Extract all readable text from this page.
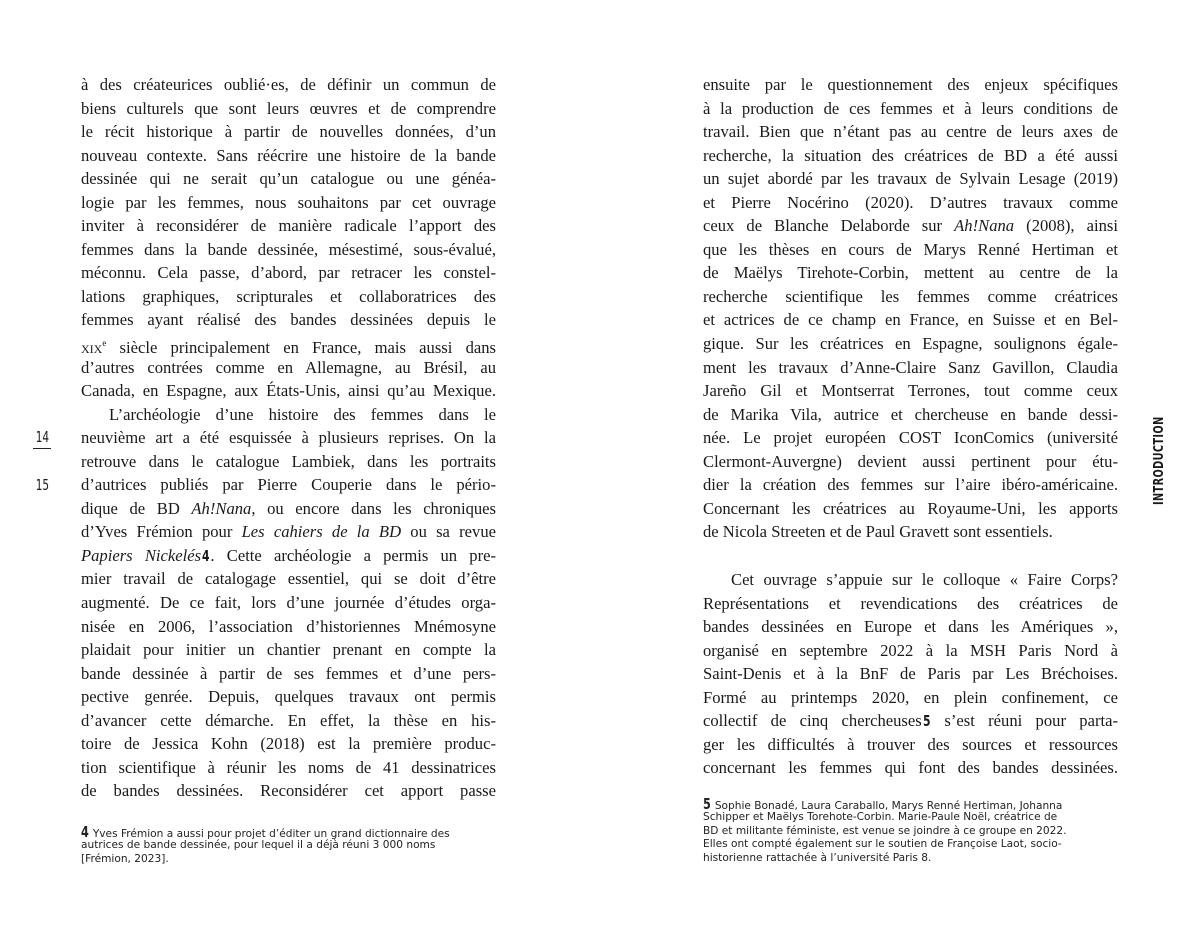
à des créateurices oublié·es, de définir un commun de
biens culturels que sont leurs œuvres et de comprendre
le récit historique à partir de nouvelles données, d’un
nouveau contexte. Sans réécrire une histoire de la bande
dessinée qui ne serait qu’un catalogue ou une généa-
logie par les femmes, nous souhaitons par cet ouvrage
inviter à reconsidérer de manière radicale l’apport des
femmes dans la bande dessinée, mésestimé, sous-évalué,
méconnu. Cela passe, d’abord, par retracer les constel-
lations graphiques, scripturales et collaboratrices des
femmes ayant réalisé des bandes dessinées depuis le
xix$^e$ siècle principalement en France, mais aussi dans
d’autres contrées comme en Allemagne, au Brésil, au
Canada, en Espagne, aux États-Unis, ainsi qu’au Mexique.
L’archéologie d’une histoire des femmes dans le
neuvième art a été esquissée à plusieurs reprises. On la
retrouve dans le catalogue Lambiek, dans les portraits
d’autrices publiés par Pierre Couperie dans le pério-
dique de BD Ah!Nana, ou encore dans les chroniques
d’Yves Frémion pour Les cahiers de la BD ou sa revue
Papiers Nickelés4. Cette archéologie a permis un pre-
mier travail de catalogage essentiel, qui se doit d’être
augmenté. De ce fait, lors d’une journée d’études orga-
nisée en 2006, l’association d’historiennes Mnémosyne
plaidait pour initier un chantier prenant en compte la
bande dessinée à partir de ses femmes et d’une pers-
pective genrée. Depuis, quelques travaux ont permis
d’avancer cette démarche. En effet, la thèse en his-
toire de Jessica Kohn (2018) est la première produc-
tion scientifique à réunir les noms de 41 dessinatrices
de bandes dessinées. Reconsidérer cet apport passe
ensuite par le questionnement des enjeux spécifiques
à la production de ces femmes et à leurs conditions de
travail. Bien que n’étant pas au centre de leurs axes de
recherche, la situation des créatrices de BD a été aussi
un sujet abordé par les travaux de Sylvain Lesage (2019)
et Pierre Nocérino (2020). D’autres travaux comme
ceux de Blanche Delaborde sur Ah!Nana (2008), ainsi
que les thèses en cours de Marys Renné Hertiman et
de Maëlys Tirehote-Corbin, mettent au centre de la
recherche scientifique les femmes comme créatrices
et actrices de ce champ en France, en Suisse et en Bel-
gique. Sur les créatrices en Espagne, soulignons égale-
ment les travaux d’Anne-Claire Sanz Gavillon, Claudia
Jareño Gil et Montserrat Terrones, tout comme ceux
de Marika Vila, autrice et chercheuse en bande dessi-
née. Le projet européen COST IconComics (université
Clermont-Auvergne) devient aussi pertinent pour étu-
dier la création des femmes sur l’aire ibéro-américaine.
Concernant les créatrices au Royaume-Uni, les apports
de Nicola Streeten et de Paul Gravett sont essentiels.
Cet ouvrage s’appuie sur le colloque « Faire Corps?
Représentations et revendications des créatrices de
bandes dessinées en Europe et dans les Amériques »,
organisé en septembre 2022 à la MSH Paris Nord à
Saint-Denis et à la BnF de Paris par Les Bréchoises.
Formé au printemps 2020, en plein confinement, ce
collectif de cinq chercheuses5 s’est réuni pour parta-
ger les difficultés à trouver des sources et ressources
concernant les femmes qui font des bandes dessinées.
4 Yves Frémion a aussi pour projet d’éditer un grand dictionnaire des
autrices de bande dessinée, pour lequel il a déjà réuni 3 000 noms
[Frémion, 2023].
5 Sophie Bonadé, Laura Caraballo, Marys Renné Hertiman, Johanna
Schipper et Maëlys Torehote-Corbin. Marie-Paule Noël, créatrice de
BD et militante féministe, est venue se joindre à ce groupe en 2022.
Elles ont compté également sur le soutien de Françoise Laot, socio-
historienne rattachée à l’université Paris 8.
14
15	INTRODUCTION
